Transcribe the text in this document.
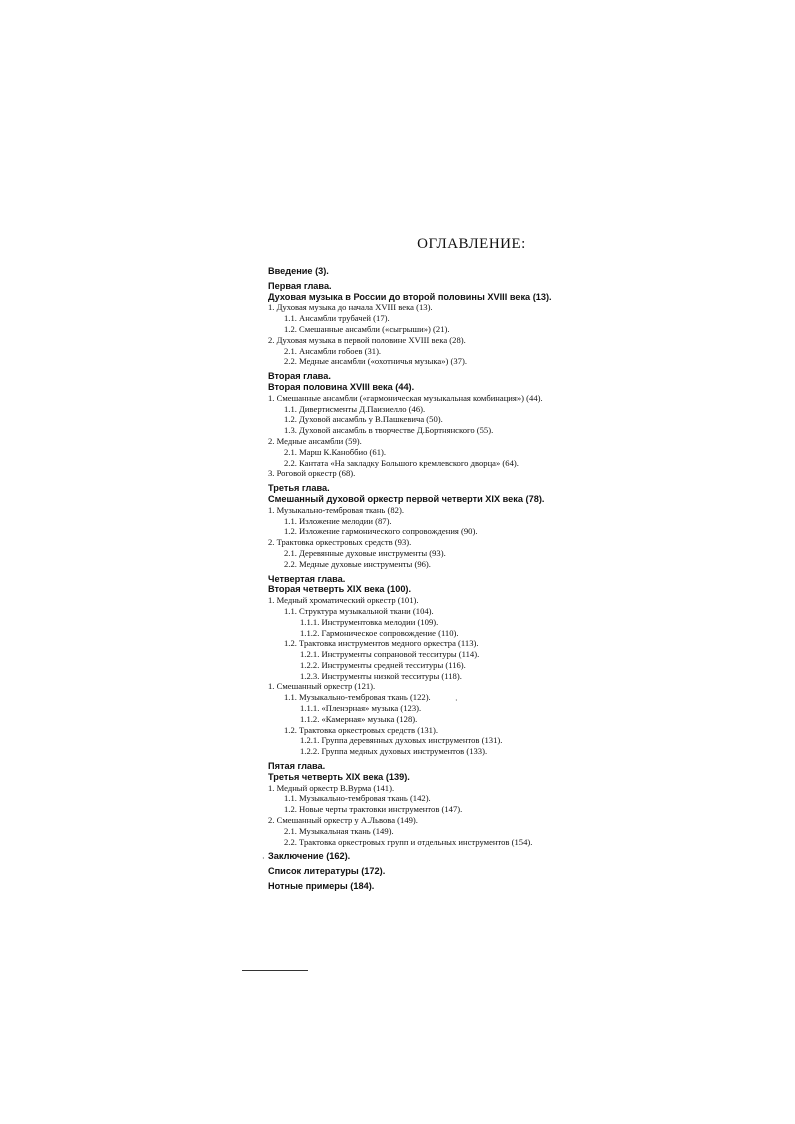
ОГЛАВЛЕНИЕ:
Введение (3).
Первая глава.
Духовая музыка в России до второй половины XVIII века (13).
1. Духовая музыка до начала XVIII века (13).
1.1. Ансамбли трубачей (17).
1.2. Смешанные ансамбли («сыгрыши») (21).
2. Духовая музыка в первой половине XVIII века (28).
2.1. Ансамбли гобоев (31).
2.2. Медные ансамбли («охотничья музыка») (37).
Вторая глава.
Вторая половина XVIII века (44).
1. Смешанные ансамбли («гармоническая музыкальная комбинация») (44).
1.1. Дивертисменты Д.Паизиелло (46).
1.2. Духовой ансамбль у В.Пашкевича (50).
1.3. Духовой ансамбль в творчестве Д.Бортнянского (55).
2. Медные ансамбли (59).
2.1. Марш К.Каноббио (61).
2.2. Кантата «На закладку Большого кремлевского дворца» (64).
3. Роговой оркестр (68).
Третья глава.
Смешанный духовой оркестр первой четверти XIX века (78).
1. Музыкально-тембровая ткань (82).
1.1. Изложение мелодии (87).
1.2. Изложение гармонического сопровождения (90).
2. Трактовка оркестровых средств (93).
2.1. Деревянные духовые инструменты (93).
2.2. Медные духовые инструменты (96).
Четвертая глава.
Вторая четверть XIX века (100).
1. Медный хроматический оркестр (101).
1.1. Структура музыкальной ткани (104).
1.1.1. Инструментовка мелодии (109).
1.1.2. Гармоническое сопровождение (110).
1.2. Трактовка инструментов медного оркестра (113).
1.2.1. Инструменты сопрановой тесситуры (114).
1.2.2. Инструменты средней тесситуры (116).
1.2.3. Инструменты низкой тесситуры (118).
1. Смешанный оркестр (121).
1.1. Музыкально-тембровая ткань (122).
1.1.1. «Пленэрная» музыка (123).
1.1.2. «Камерная» музыка (128).
1.2. Трактовка оркестровых средств (131).
1.2.1. Группа деревянных духовых инструментов (131).
1.2.2. Группа медных духовых инструментов (133).
Пятая глава.
Третья четверть XIX века (139).
1. Медный оркестр В.Вурма (141).
1.1. Музыкально-тембровая ткань (142).
1.2. Новые черты трактовки инструментов (147).
2. Смешанный оркестр у А.Львова (149).
2.1. Музыкальная ткань (149).
2.2. Трактовка оркестровых групп и отдельных инструментов (154).
Заключение (162).
Список литературы (172).
Нотные примеры (184).
·
·
